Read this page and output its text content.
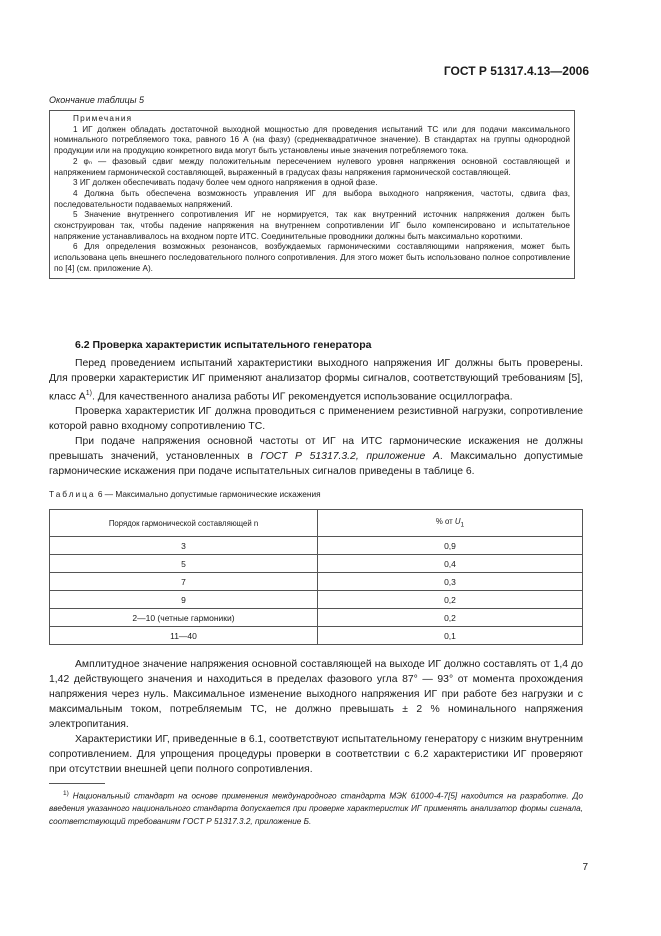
ГОСТ Р 51317.4.13—2006
Окончание таблицы 5
Примечания

1 ИГ должен обладать достаточной выходной мощностью для проведения испытаний ТС или для подачи максимального номинального потребляемого тока, равного 16 А (на фазу) (среднеквадратичное значение). В стандартах на группы однородной продукции или на продукцию конкретного вида могут быть установлены иные значения потребляемого тока.

2 φₙ — фазовый сдвиг между положительным пересечением нулевого уровня напряжения основной составляющей и напряжением гармонической составляющей, выраженный в градусах фазы напряжения гармонической составляющей.

3 ИГ должен обеспечивать подачу более чем одного напряжения в одной фазе.

4 Должна быть обеспечена возможность управления ИГ для выбора выходного напряжения, частоты, сдвига фаз, последовательности подаваемых напряжений.

5 Значение внутреннего сопротивления ИГ не нормируется, так как внутренний источник напряжения должен быть сконструирован так, чтобы падение напряжения на внутреннем сопротивлении ИГ было компенсировано и испытательное напряжение устанавливалось на входном порте ИТС. Соединительные проводники должны быть максимально короткими.

6 Для определения возможных резонансов, возбуждаемых гармоническими составляющими напряжения, может быть использована цепь внешнего последовательного полного сопротивления. Для этого может быть использовано полное сопротивление по [4] (см. приложение А).

6.2 Проверка характеристик испытательного генератора

Перед проведением испытаний характеристики выходного напряжения ИГ должны быть проверены. Для проверки характеристик ИГ применяют анализатор формы сигналов, соответствующий требованиям [5], класс $А^{1)}$. Для качественного анализа работы ИГ рекомендуется использование осциллографа.

Проверка характеристик ИГ должна проводиться с применением резистивной нагрузки, сопротивление которой равно входному сопротивлению ТС.

При подаче напряжения основной частоты от ИГ на ИТС гармонические искажения не должны превышать значений, установленных в ГОСТ Р 51317.3.2, приложение А. Максимально допустимые гармонические искажения при подаче испытательных сигналов приведены в таблице 6.

Таблица 6 — Максимально допустимые гармонические искажения
Порядок гармонической составляющей n	% от $U_1$
3	0,9
5	0,4
7	0,3
9	0,2
2—10 (четные гармоники)	0,2
11—40	0,1

Амплитудное значение напряжения основной составляющей на выходе ИГ должно составлять от 1,4 до 1,42 действующего значения и находиться в пределах фазового угла 87° — 93° от момента прохождения напряжения через нуль. Максимальное изменение выходного напряжения ИГ при работе без нагрузки и с максимальным током, потребляемым ТС, не должно превышать ± 2 % номинального напряжения электропитания.

Характеристики ИГ, приведенные в 6.1, соответствуют испытательному генератору с низким внутренним сопротивлением. Для упрощения процедуры проверки в соответствии с 6.2 характеристики ИГ проверяют при отсутствии внешней цепи полного сопротивления.

$^{1)}$ Национальный стандарт на основе применения международного стандарта МЭК 61000-4-7[5] находится на разработке. До введения указанного национального стандарта допускается при проверке характеристик ИГ применять анализатор формы сигнала, соответствующий требованиям ГОСТ Р 51317.3.2, приложение Б.
7
